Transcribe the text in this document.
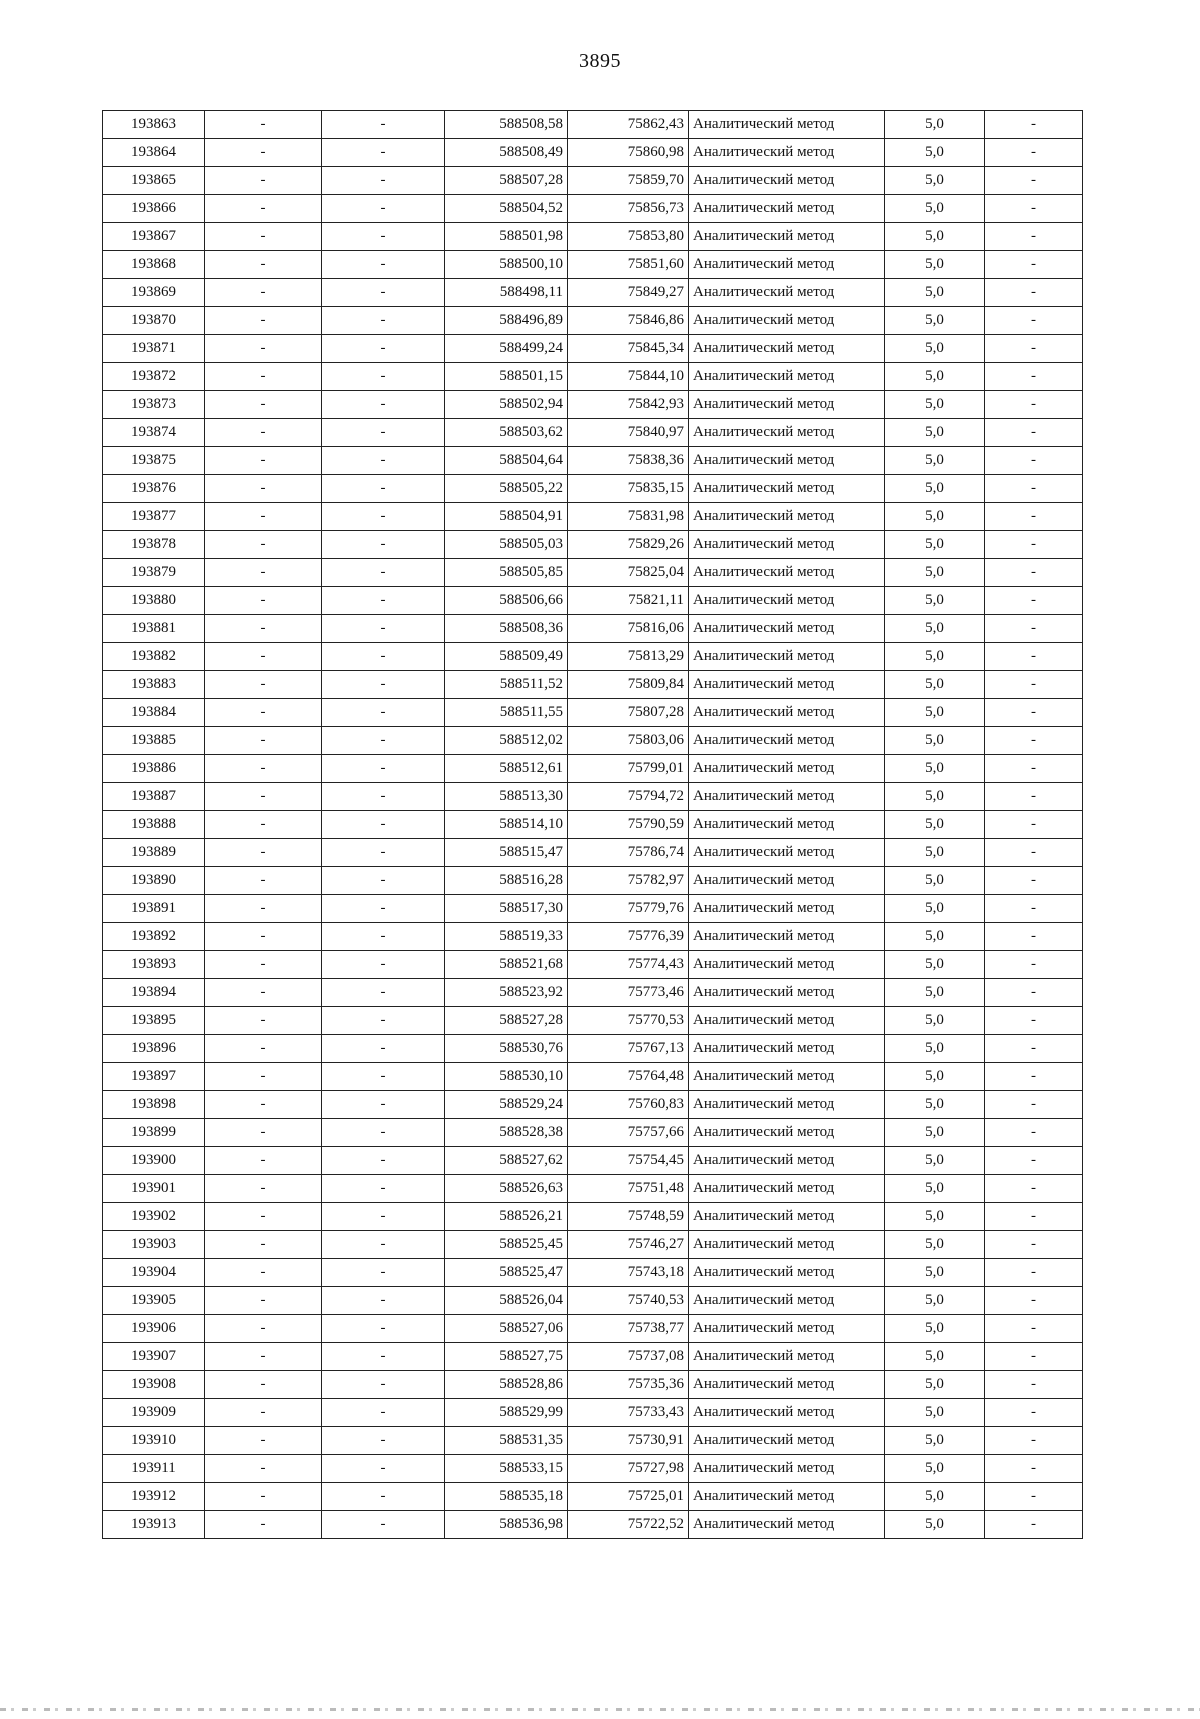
3895
193863	-	-	588508,58	75862,43	Аналитический метод	5,0	-
193864	-	-	588508,49	75860,98	Аналитический метод	5,0	-
193865	-	-	588507,28	75859,70	Аналитический метод	5,0	-
193866	-	-	588504,52	75856,73	Аналитический метод	5,0	-
193867	-	-	588501,98	75853,80	Аналитический метод	5,0	-
193868	-	-	588500,10	75851,60	Аналитический метод	5,0	-
193869	-	-	588498,11	75849,27	Аналитический метод	5,0	-
193870	-	-	588496,89	75846,86	Аналитический метод	5,0	-
193871	-	-	588499,24	75845,34	Аналитический метод	5,0	-
193872	-	-	588501,15	75844,10	Аналитический метод	5,0	-
193873	-	-	588502,94	75842,93	Аналитический метод	5,0	-
193874	-	-	588503,62	75840,97	Аналитический метод	5,0	-
193875	-	-	588504,64	75838,36	Аналитический метод	5,0	-
193876	-	-	588505,22	75835,15	Аналитический метод	5,0	-
193877	-	-	588504,91	75831,98	Аналитический метод	5,0	-
193878	-	-	588505,03	75829,26	Аналитический метод	5,0	-
193879	-	-	588505,85	75825,04	Аналитический метод	5,0	-
193880	-	-	588506,66	75821,11	Аналитический метод	5,0	-
193881	-	-	588508,36	75816,06	Аналитический метод	5,0	-
193882	-	-	588509,49	75813,29	Аналитический метод	5,0	-
193883	-	-	588511,52	75809,84	Аналитический метод	5,0	-
193884	-	-	588511,55	75807,28	Аналитический метод	5,0	-
193885	-	-	588512,02	75803,06	Аналитический метод	5,0	-
193886	-	-	588512,61	75799,01	Аналитический метод	5,0	-
193887	-	-	588513,30	75794,72	Аналитический метод	5,0	-
193888	-	-	588514,10	75790,59	Аналитический метод	5,0	-
193889	-	-	588515,47	75786,74	Аналитический метод	5,0	-
193890	-	-	588516,28	75782,97	Аналитический метод	5,0	-
193891	-	-	588517,30	75779,76	Аналитический метод	5,0	-
193892	-	-	588519,33	75776,39	Аналитический метод	5,0	-
193893	-	-	588521,68	75774,43	Аналитический метод	5,0	-
193894	-	-	588523,92	75773,46	Аналитический метод	5,0	-
193895	-	-	588527,28	75770,53	Аналитический метод	5,0	-
193896	-	-	588530,76	75767,13	Аналитический метод	5,0	-
193897	-	-	588530,10	75764,48	Аналитический метод	5,0	-
193898	-	-	588529,24	75760,83	Аналитический метод	5,0	-
193899	-	-	588528,38	75757,66	Аналитический метод	5,0	-
193900	-	-	588527,62	75754,45	Аналитический метод	5,0	-
193901	-	-	588526,63	75751,48	Аналитический метод	5,0	-
193902	-	-	588526,21	75748,59	Аналитический метод	5,0	-
193903	-	-	588525,45	75746,27	Аналитический метод	5,0	-
193904	-	-	588525,47	75743,18	Аналитический метод	5,0	-
193905	-	-	588526,04	75740,53	Аналитический метод	5,0	-
193906	-	-	588527,06	75738,77	Аналитический метод	5,0	-
193907	-	-	588527,75	75737,08	Аналитический метод	5,0	-
193908	-	-	588528,86	75735,36	Аналитический метод	5,0	-
193909	-	-	588529,99	75733,43	Аналитический метод	5,0	-
193910	-	-	588531,35	75730,91	Аналитический метод	5,0	-
193911	-	-	588533,15	75727,98	Аналитический метод	5,0	-
193912	-	-	588535,18	75725,01	Аналитический метод	5,0	-
193913	-	-	588536,98	75722,52	Аналитический метод	5,0	-
